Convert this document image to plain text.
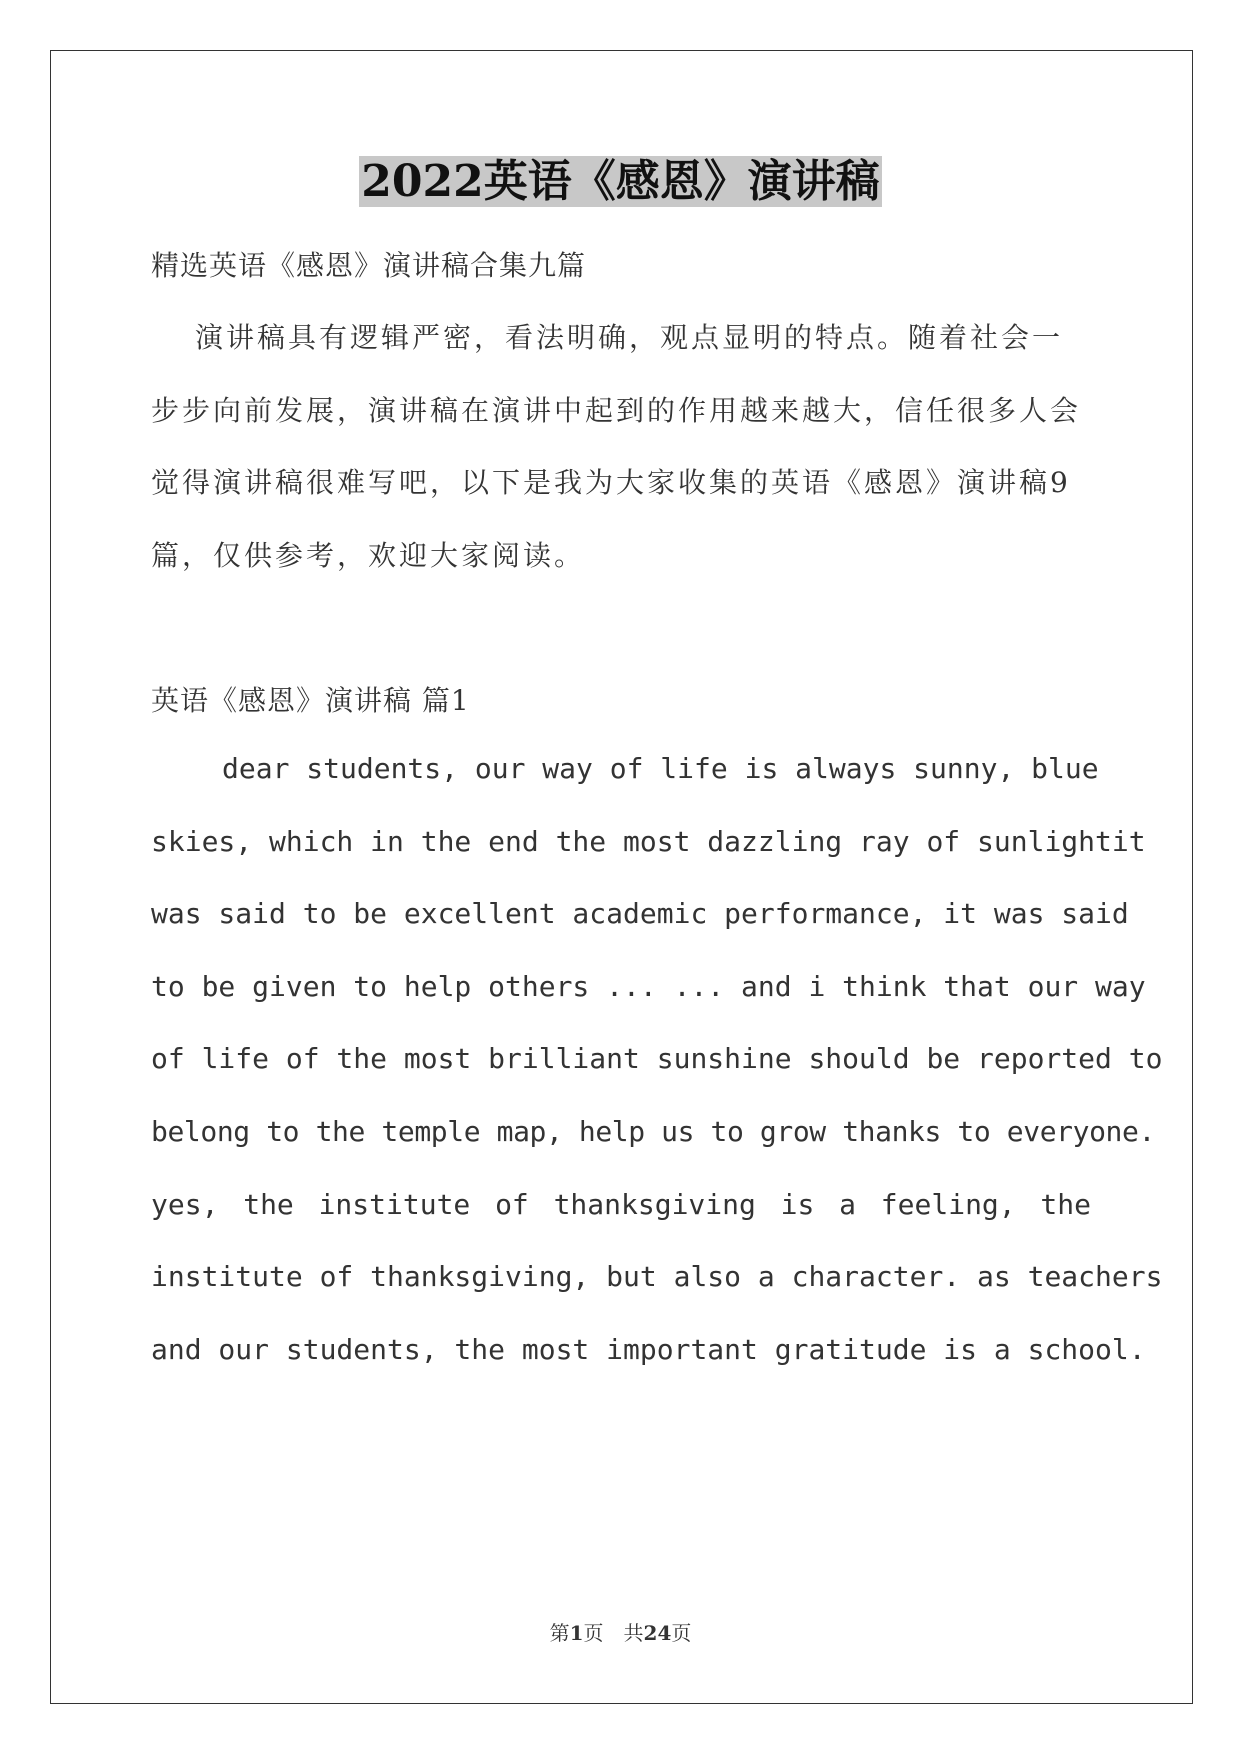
2022英语《感恩》演讲稿
精选英语《感恩》演讲稿合集九篇
演讲稿具有逻辑严密，看法明确，观点显明的特点。随着社会一
步步向前发展，演讲稿在演讲中起到的作用越来越大，信任很多人会
觉得演讲稿很难写吧，以下是我为大家收集的英语《感恩》演讲稿9
篇，仅供参考，欢迎大家阅读。
英语《感恩》演讲稿 篇1
dear students, our way of life is always sunny, blue
skies, which in the end the most dazzling ray of sunlightit
was said to be excellent academic performance, it was said
to be given to help others ... ... and i think that our way
of life of the most brilliant sunshine should be reported to
belong to the temple map, help us to grow thanks to everyone.
yes, the institute of thanksgiving is a feeling, the
institute of thanksgiving, but also a character. as teachers
and our students, the most important gratitude is a school.
第1页　共24页
